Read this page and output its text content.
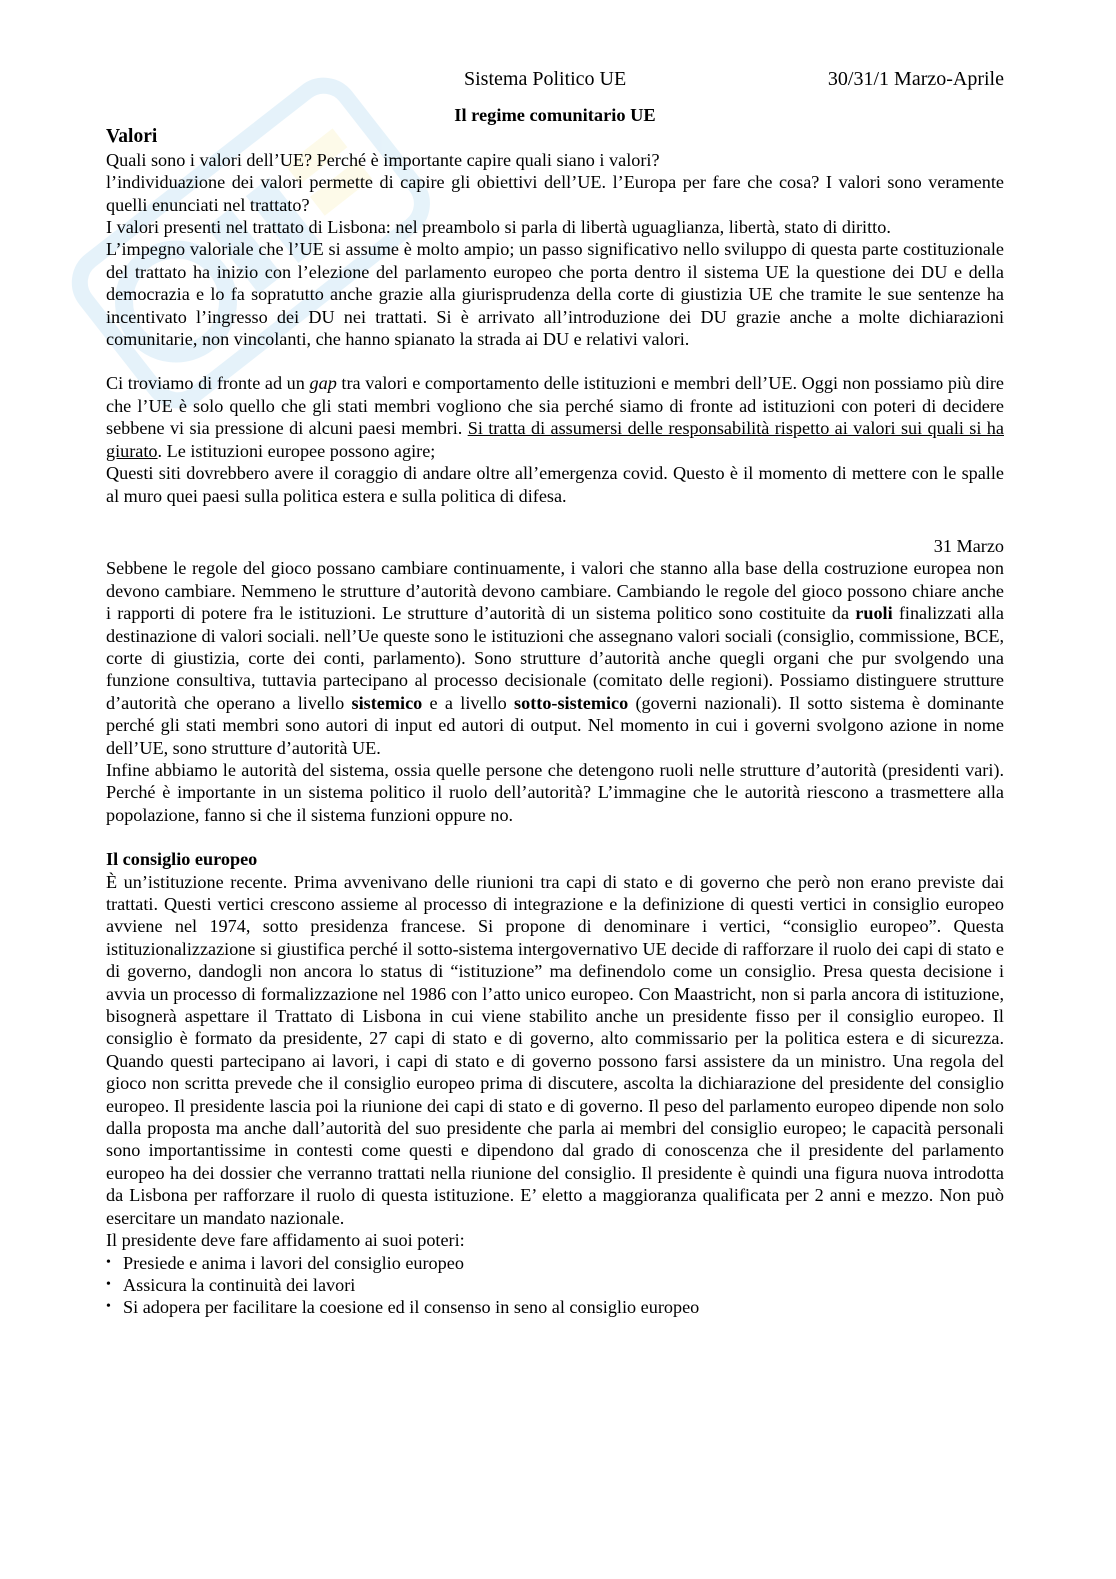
Sistema Politico UE	30/31/1 Marzo-Aprile
Il regime comunitario UE
Valori

Quali sono i valori dell’UE? Perché è importante capire quali siano i valori?

l’individuazione dei valori permette di capire gli obiettivi dell’UE. l’Europa per fare che cosa? I valori sono veramente quelli enunciati nel trattato?

I valori presenti nel trattato di Lisbona: nel preambolo si parla di libertà uguaglianza, libertà, stato di diritto.

L’impegno valoriale che l’UE si assume è molto ampio; un passo significativo nello sviluppo di questa parte costituzionale del trattato ha inizio con l’elezione del parlamento europeo che porta dentro il sistema UE la questione dei DU e della democrazia e lo fa sopratutto anche grazie alla giurisprudenza della corte di giustizia UE che tramite le sue sentenze ha incentivato l’ingresso dei DU nei trattati. Si è arrivato all’introduzione dei DU grazie anche a molte dichiarazioni comunitarie, non vincolanti, che hanno spianato la strada ai DU e relativi valori.

Ci troviamo di fronte ad un gap tra valori e comportamento delle istituzioni e membri dell’UE. Oggi non possiamo più dire che l’UE è solo quello che gli stati membri vogliono che sia perché siamo di fronte ad istituzioni con poteri di decidere sebbene vi sia pressione di alcuni paesi membri. Si tratta di assumersi delle responsabilità rispetto ai valori sui quali si ha giurato. Le istituzioni europee possono agire;

Questi siti dovrebbero avere il coraggio di andare oltre all’emergenza covid. Questo è il momento di mettere con le spalle al muro quei paesi sulla politica estera e sulla politica di difesa.

31 Marzo

Sebbene le regole del gioco possano cambiare continuamente, i valori che stanno alla base della costruzione europea non devono cambiare. Nemmeno le strutture d’autorità devono cambiare. Cambiando le regole del gioco possono chiare anche i rapporti di potere fra le istituzioni. Le strutture d’autorità di un sistema politico sono costituite da ruoli finalizzati alla destinazione di valori sociali. nell’Ue queste sono le istituzioni che assegnano valori sociali (consiglio, commissione, BCE, corte di giustizia, corte dei conti, parlamento). Sono strutture d’autorità anche quegli organi che pur svolgendo una funzione consultiva, tuttavia partecipano al processo decisionale (comitato delle regioni). Possiamo distinguere strutture d’autorità che operano a livello sistemico e a livello sotto-sistemico (governi nazionali). Il sotto sistema è dominante perché gli stati membri sono autori di input ed autori di output. Nel momento in cui i governi svolgono azione in nome dell’UE, sono strutture d’autorità UE.

Infine abbiamo le autorità del sistema, ossia quelle persone che detengono ruoli nelle strutture d’autorità (presidenti vari). Perché è importante in un sistema politico il ruolo dell’autorità? L’immagine che le autorità riescono a trasmettere alla popolazione, fanno si che il sistema funzioni oppure no.

Il consiglio europeo

È un’istituzione recente. Prima avvenivano delle riunioni tra capi di stato e di governo che però non erano previste dai trattati. Questi vertici crescono assieme al processo di integrazione e la definizione di questi vertici in consiglio europeo avviene nel 1974, sotto presidenza francese. Si propone di denominare i vertici, “consiglio europeo”. Questa istituzionalizzazione si giustifica perché il sotto-sistema intergovernativo UE decide di rafforzare il ruolo dei capi di stato e di governo, dandogli non ancora lo status di “istituzione” ma definendolo come un consiglio. Presa questa decisione i avvia un processo di formalizzazione nel 1986 con l’atto unico europeo. Con Maastricht, non si parla ancora di istituzione, bisognerà aspettare il Trattato di Lisbona in cui viene stabilito anche un presidente fisso per il consiglio europeo. Il consiglio è formato da presidente, 27 capi di stato e di governo, alto commissario per la politica estera e di sicurezza. Quando questi partecipano ai lavori, i capi di stato e di governo possono farsi assistere da un ministro. Una regola del gioco non scritta prevede che il consiglio europeo prima di discutere, ascolta la dichiarazione del presidente del consiglio europeo. Il presidente lascia poi la riunione dei capi di stato e di governo. Il peso del parlamento europeo dipende non solo dalla proposta ma anche dall’autorità del suo presidente che parla ai membri del consiglio europeo; le capacità personali sono importantissime in contesti come questi e dipendono dal grado di conoscenza che il presidente del parlamento europeo ha dei dossier che verranno trattati nella riunione del consiglio. Il presidente è quindi una figura nuova introdotta da Lisbona per rafforzare il ruolo di questa istituzione. E’ eletto a maggioranza qualificata per 2 anni e mezzo. Non può esercitare un mandato nazionale.

Il presidente deve fare affidamento ai suoi poteri:

• Presiede e anima i lavori del consiglio europeo
• Assicura la continuità dei lavori
• Si adopera per facilitare la coesione ed il consenso in seno al consiglio europeo
